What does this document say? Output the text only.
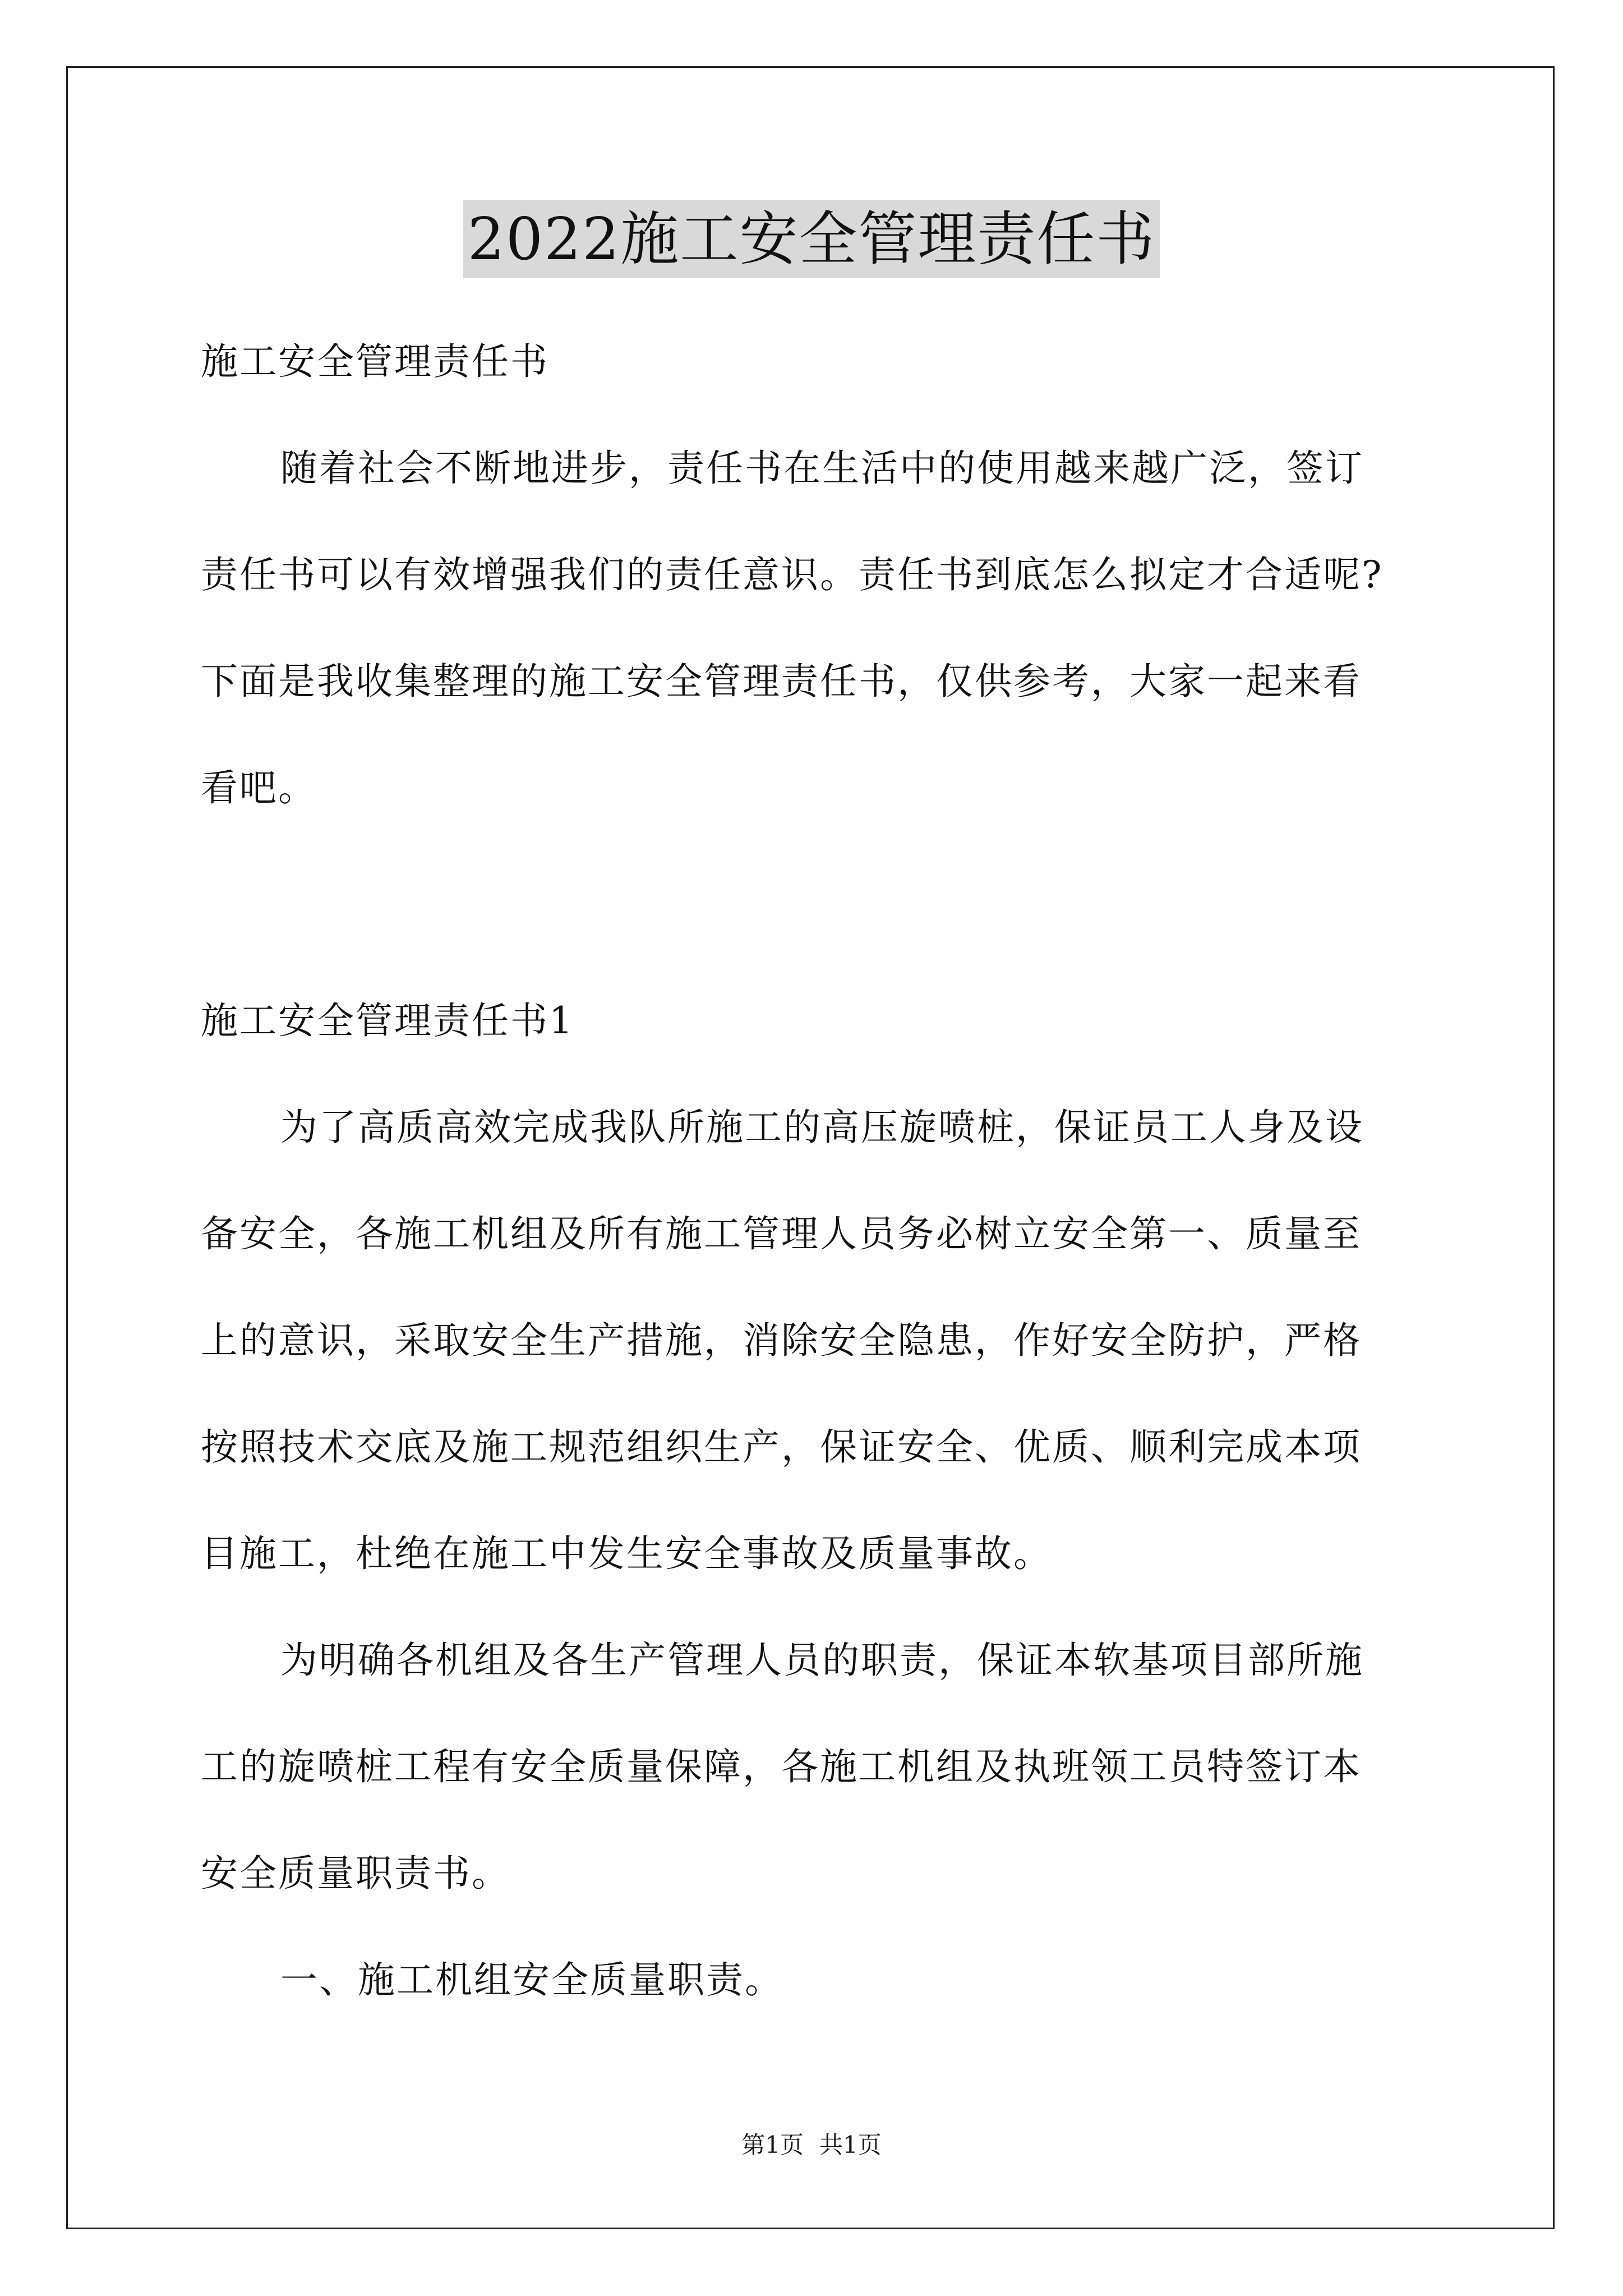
2022施工安全管理责任书
施工安全管理责任书
随着社会不断地进步，责任书在生活中的使用越来越广泛，签订
责任书可以有效增强我们的责任意识。责任书到底怎么拟定才合适呢?
下面是我收集整理的施工安全管理责任书，仅供参考，大家一起来看
看吧。
施工安全管理责任书1
为了高质高效完成我队所施工的高压旋喷桩，保证员工人身及设
备安全，各施工机组及所有施工管理人员务必树立安全第一、质量至
上的意识，采取安全生产措施，消除安全隐患，作好安全防护，严格
按照技术交底及施工规范组织生产，保证安全、优质、顺利完成本项
目施工，杜绝在施工中发生安全事故及质量事故。
为明确各机组及各生产管理人员的职责，保证本软基项目部所施
工的旋喷桩工程有安全质量保障，各施工机组及执班领工员特签订本
安全质量职责书。
一、施工机组安全质量职责。
第1页 共1页
